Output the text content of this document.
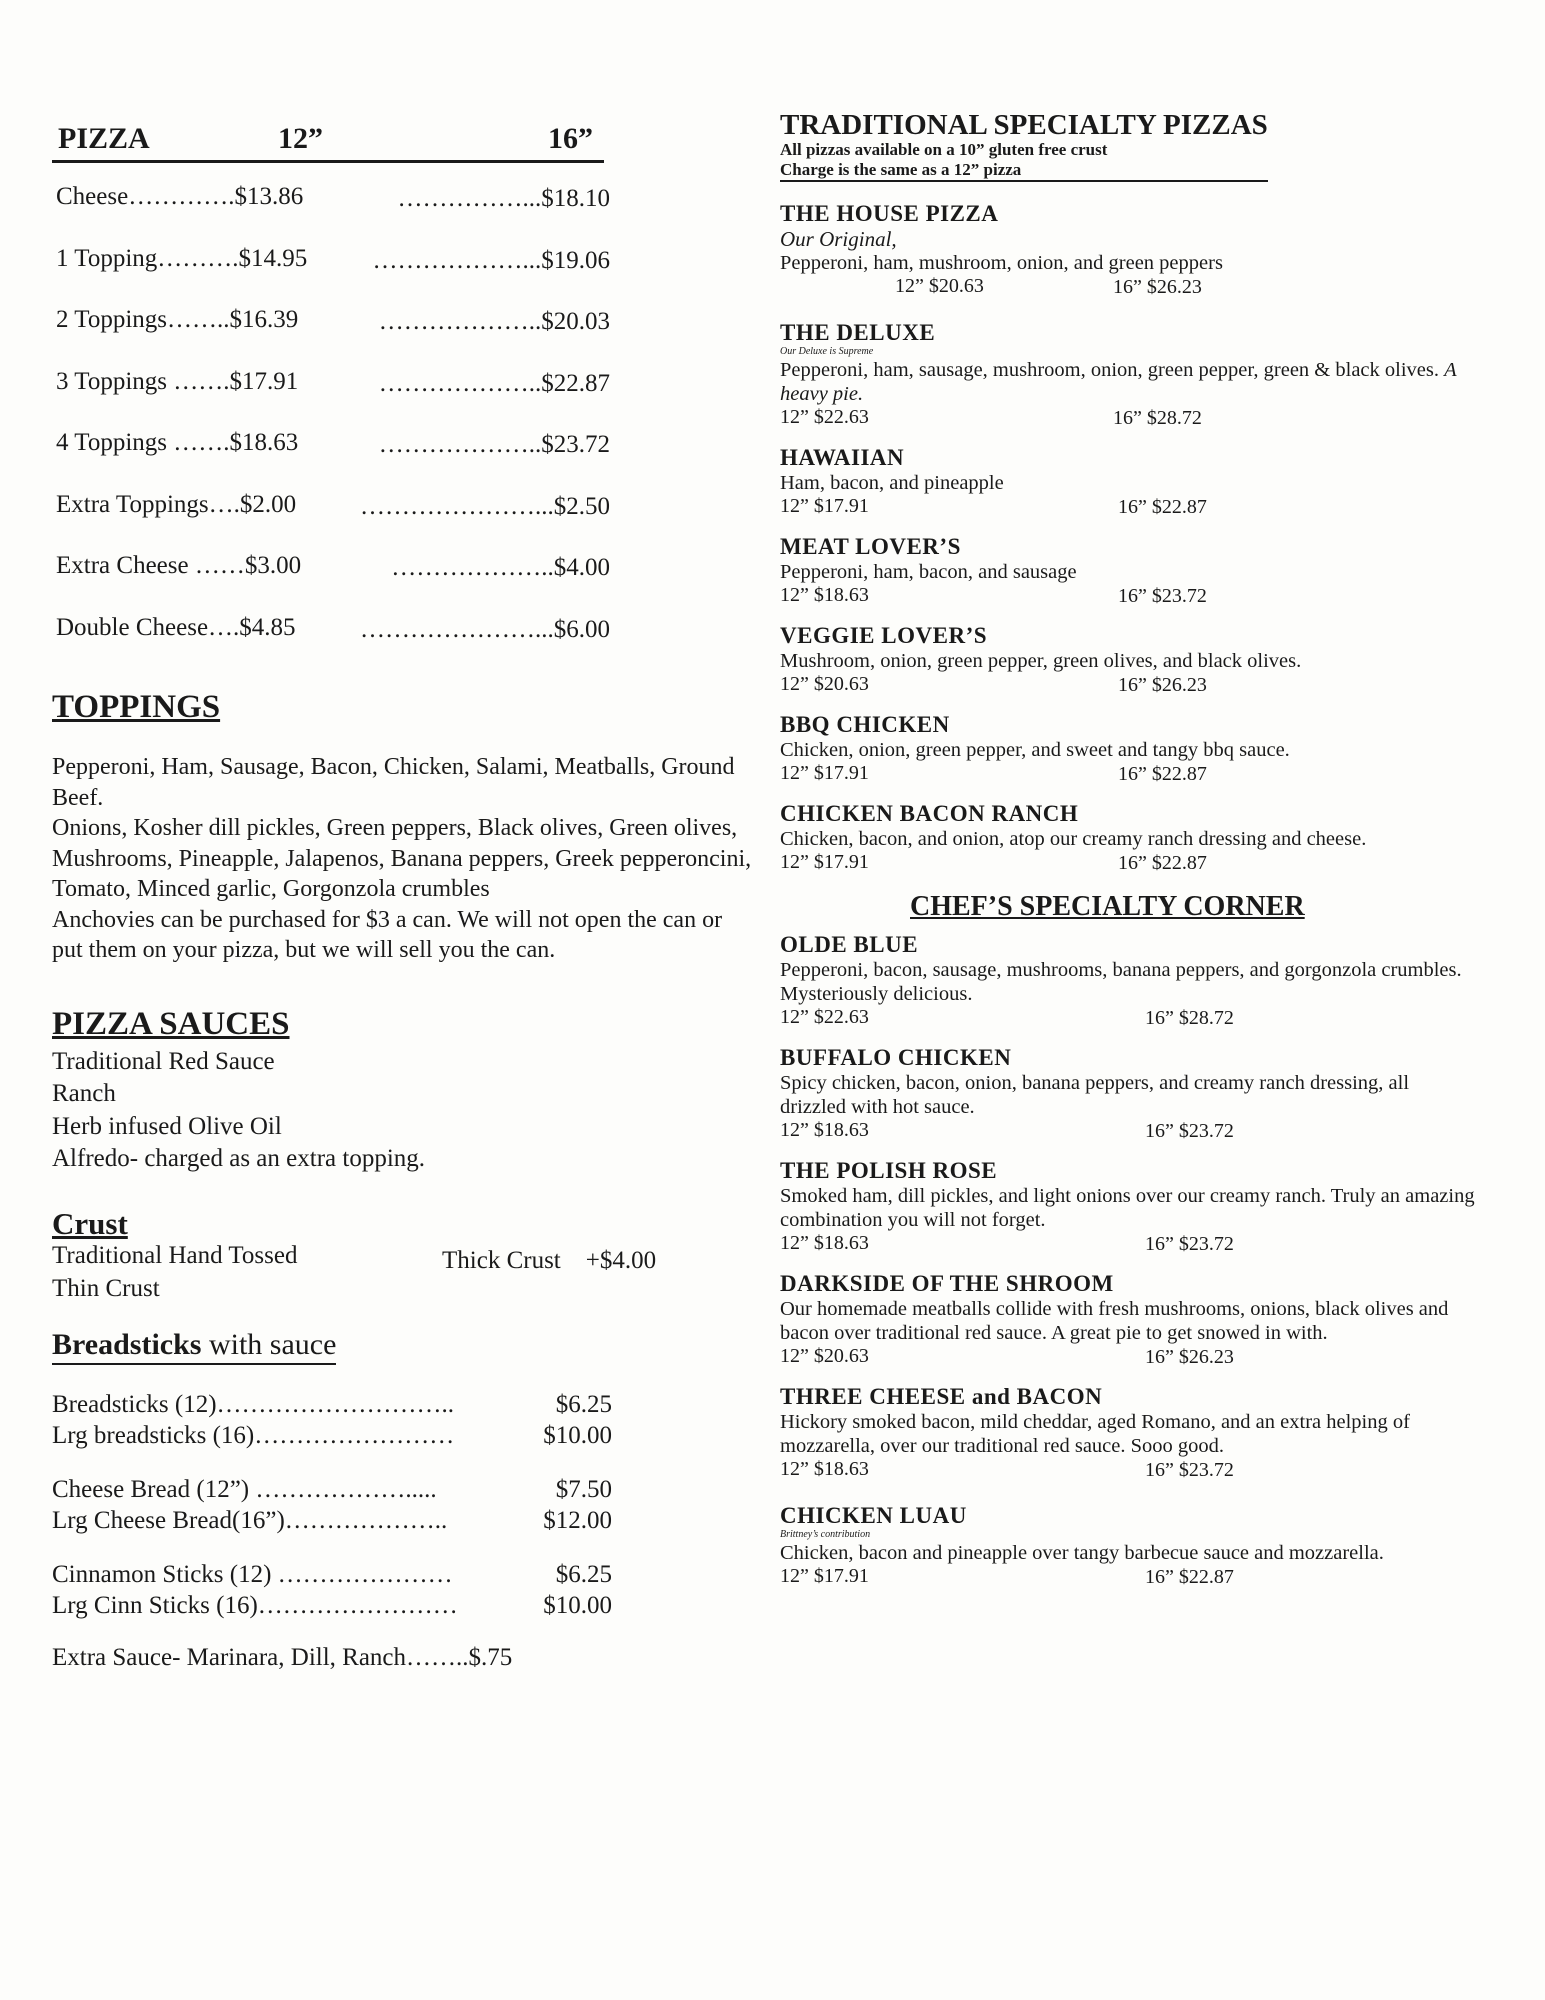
PIZZA	12”	16”
Cheese………….$13.86	……………...$18.10
1 Topping……….$14.95	………………...$19.06
2 Toppings……..$16.39	………………..$20.03
3 Toppings …….$17.91	………………..$22.87
4 Toppings …….$18.63	………………..$23.72
Extra Toppings….$2.00	…………………...$2.50
Extra Cheese ……$3.00	………………..$4.00
Double Cheese….$4.85	…………………...$6.00
TOPPINGS
Pepperoni, Ham, Sausage, Bacon, Chicken, Salami, Meatballs, Ground Beef.
Onions, Kosher dill pickles, Green peppers, Black olives, Green olives, Mushrooms, Pineapple, Jalapenos, Banana peppers, Greek pepperoncini, Tomato, Minced garlic, Gorgonzola crumbles
Anchovies can be purchased for $3 a can. We will not open the can or put them on your pizza, but we will sell you the can.
PIZZA SAUCES
Traditional Red Sauce
Ranch
Herb infused Olive Oil
Alfredo- charged as an extra topping.
Crust
Traditional Hand Tossed	Thick Crust    +$4.00
Thin Crust
Breadsticks with sauce
Breadsticks (12)………………………..	$6.25
Lrg breadsticks (16)……………………	$10.00
Cheese Bread (12”) ……………….....	$7.50
Lrg Cheese Bread(16”)………………..	$12.00
Cinnamon Sticks (12) …………………	$6.25
Lrg Cinn Sticks (16)……………………	$10.00
Extra Sauce- Marinara, Dill, Ranch……..$.75
TRADITIONAL SPECIALTY PIZZAS
All pizzas available on a 10” gluten free crust
Charge is the same as a 12” pizza
THE HOUSE PIZZA
Our Original,
Pepperoni, ham, mushroom, onion, and green peppers
12” $20.63	16” $26.23
THE DELUXE
Our Deluxe is Supreme
Pepperoni, ham, sausage, mushroom, onion, green pepper, green & black olives. A heavy pie.
12” $22.63	16” $28.72
HAWAIIAN
Ham, bacon, and pineapple
12” $17.91	16” $22.87
MEAT LOVER’S
Pepperoni, ham, bacon, and sausage
12” $18.63	16” $23.72
VEGGIE LOVER’S
Mushroom, onion, green pepper, green olives, and black olives.
12” $20.63	16” $26.23
BBQ CHICKEN
Chicken, onion, green pepper, and sweet and tangy bbq sauce.
12” $17.91	16” $22.87
CHICKEN BACON RANCH
Chicken, bacon, and onion, atop our creamy ranch dressing and cheese.
12” $17.91	16” $22.87
CHEF’S SPECIALTY CORNER
OLDE BLUE
Pepperoni, bacon, sausage, mushrooms, banana peppers, and gorgonzola crumbles. Mysteriously delicious.
12” $22.63	16” $28.72
BUFFALO CHICKEN
Spicy chicken, bacon, onion, banana peppers, and creamy ranch dressing, all drizzled with hot sauce.
12” $18.63	16” $23.72
THE POLISH ROSE
Smoked ham, dill pickles, and light onions over our creamy ranch. Truly an amazing combination you will not forget.
12” $18.63	16” $23.72
DARKSIDE OF THE SHROOM
Our homemade meatballs collide with fresh mushrooms, onions, black olives and bacon over traditional red sauce. A great pie to get snowed in with.
12” $20.63	16” $26.23
THREE CHEESE and BACON
Hickory smoked bacon, mild cheddar, aged Romano, and an extra helping of mozzarella, over our traditional red sauce. Sooo good.
12” $18.63	16” $23.72
CHICKEN LUAU
Brittney’s contribution
Chicken, bacon and pineapple over tangy barbecue sauce and mozzarella.
12” $17.91	16” $22.87
